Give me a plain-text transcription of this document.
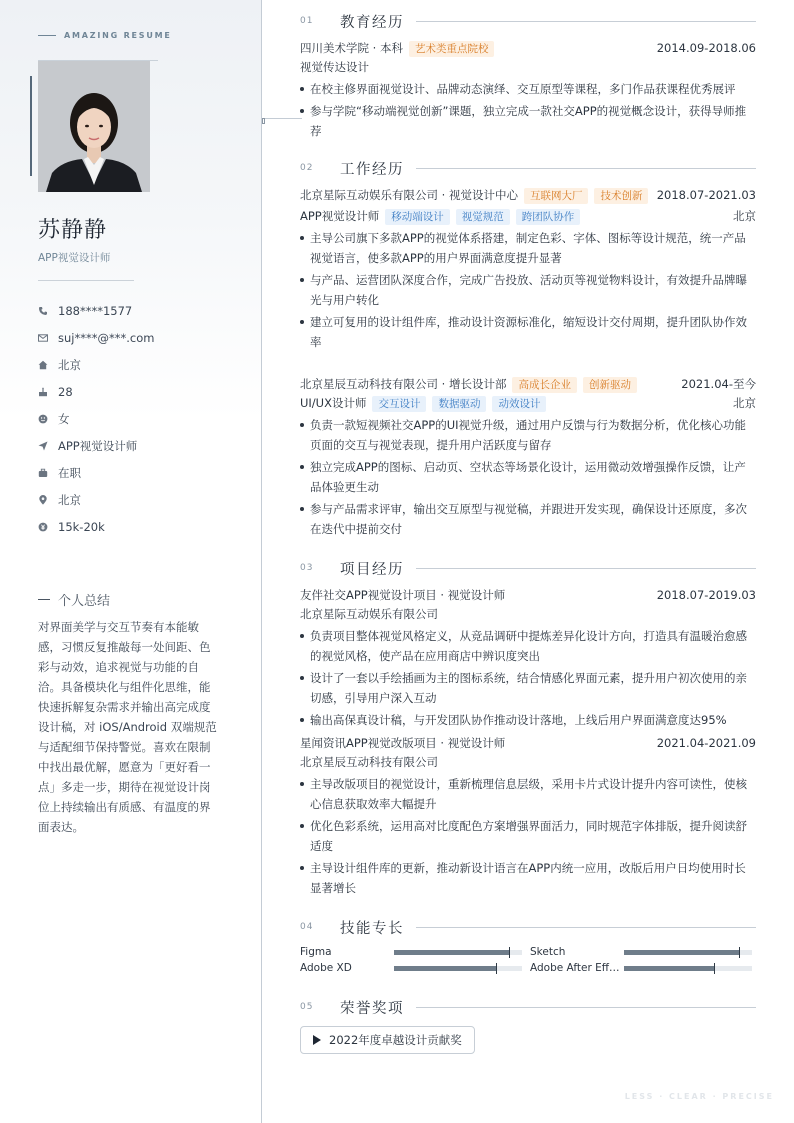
AMAZING RESUME
苏静静
APP视觉设计师
188****1577
suj****@***.com
北京
28
女
APP视觉设计师
在职
北京
15k-20k
个人总结
对界面美学与交互节奏有本能敏感，习惯反复推敲每一处间距、色彩与动效，追求视觉与功能的自洽。具备模块化与组件化思维，能快速拆解复杂需求并输出高完成度设计稿，对 iOS/Android 双端规范与适配细节保持警觉。喜欢在限制中找出最优解，愿意为「更好看一点」多走一步，期待在视觉设计岗位上持续输出有质感、有温度的界面表达。
01	教育经历
四川美术学院 · 本科	艺术类重点院校	2014.09-2018.06
视觉传达设计
在校主修界面视觉设计、品牌动态演绎、交互原型等课程，多门作品获课程优秀展评
参与学院“移动端视觉创新”课题，独立完成一款社交APP的视觉概念设计，获得导师推荐
02	工作经历
北京星际互动娱乐有限公司 · 视觉设计中心	互联网大厂	技术创新	2018.07-2021.03
APP视觉设计师	移动端设计	视觉规范	跨团队协作	北京
主导公司旗下多款APP的视觉体系搭建，制定色彩、字体、图标等设计规范，统一产品视觉语言，使多款APP的用户界面满意度提升显著
与产品、运营团队深度合作，完成广告投放、活动页等视觉物料设计，有效提升品牌曝光与用户转化
建立可复用的设计组件库，推动设计资源标准化，缩短设计交付周期，提升团队协作效率
北京星辰互动科技有限公司 · 增长设计部	高成长企业	创新驱动	2021.04-至今
UI/UX设计师	交互设计	数据驱动	动效设计	北京
负责一款短视频社交APP的UI视觉升级，通过用户反馈与行为数据分析，优化核心功能页面的交互与视觉表现，提升用户活跃度与留存
独立完成APP的图标、启动页、空状态等场景化设计，运用微动效增强操作反馈，让产品体验更生动
参与产品需求评审，输出交互原型与视觉稿，并跟进开发实现，确保设计还原度，多次在迭代中提前交付
03	项目经历
友伴社交APP视觉设计项目 · 视觉设计师	2018.07-2019.03
北京星际互动娱乐有限公司
负责项目整体视觉风格定义，从竞品调研中提炼差异化设计方向，打造具有温暖治愈感的视觉风格，使产品在应用商店中辨识度突出
设计了一套以手绘插画为主的图标系统，结合情感化界面元素，提升用户初次使用的亲切感，引导用户深入互动
输出高保真设计稿，与开发团队协作推动设计落地，上线后用户界面满意度达95%
星闻资讯APP视觉改版项目 · 视觉设计师	2021.04-2021.09
北京星辰互动科技有限公司
主导改版项目的视觉设计，重新梳理信息层级，采用卡片式设计提升内容可读性，使核心信息获取效率大幅提升
优化色彩系统，运用高对比度配色方案增强界面活力，同时规范字体排版，提升阅读舒适度
主导设计组件库的更新，推动新设计语言在APP内统一应用，改版后用户日均使用时长显著增长
04	技能专长
Figma	Sketch
Adobe XD	Adobe After Eff…
05	荣誉奖项
2022年度卓越设计贡献奖
LESS · CLEAR · PRECISE
